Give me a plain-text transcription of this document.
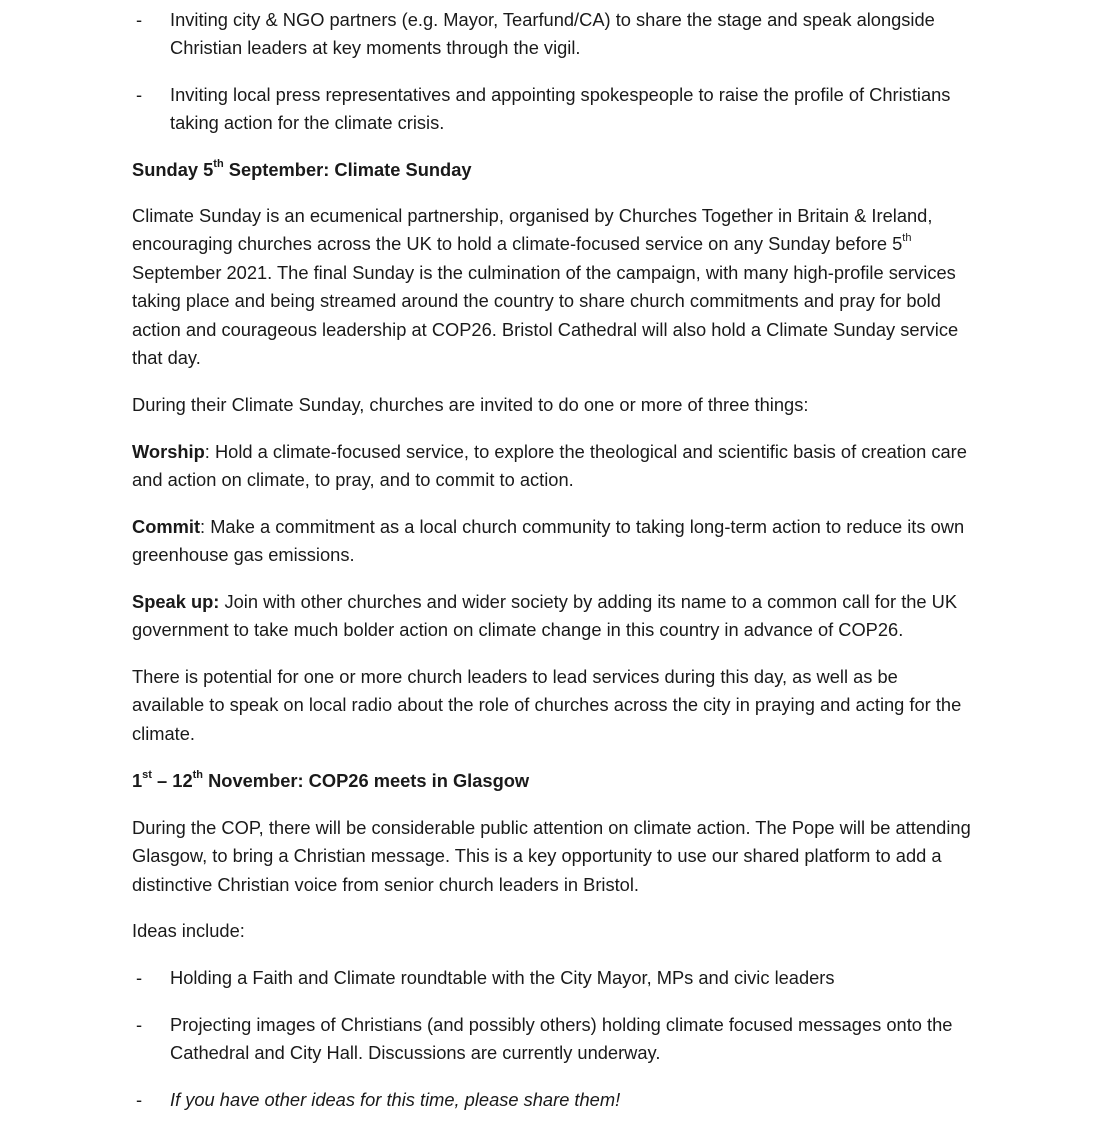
- Inviting city & NGO partners (e.g. Mayor, Tearfund/CA) to share the stage and speak alongside Christian leaders at key moments through the vigil.
- Inviting local press representatives and appointing spokespeople to raise the profile of Christians taking action for the climate crisis.
Sunday 5th September: Climate Sunday
Climate Sunday is an ecumenical partnership, organised by Churches Together in Britain & Ireland, encouraging churches across the UK to hold a climate-focused service on any Sunday before 5th September 2021. The final Sunday is the culmination of the campaign, with many high-profile services taking place and being streamed around the country to share church commitments and pray for bold action and courageous leadership at COP26. Bristol Cathedral will also hold a Climate Sunday service that day.
During their Climate Sunday, churches are invited to do one or more of three things:
Worship: Hold a climate-focused service, to explore the theological and scientific basis of creation care and action on climate, to pray, and to commit to action.
Commit: Make a commitment as a local church community to taking long-term action to reduce its own greenhouse gas emissions.
Speak up: Join with other churches and wider society by adding its name to a common call for the UK government to take much bolder action on climate change in this country in advance of COP26.
There is potential for one or more church leaders to lead services during this day, as well as be available to speak on local radio about the role of churches across the city in praying and acting for the climate.
1st – 12th November: COP26 meets in Glasgow
During the COP, there will be considerable public attention on climate action. The Pope will be attending Glasgow, to bring a Christian message. This is a key opportunity to use our shared platform to add a distinctive Christian voice from senior church leaders in Bristol.
Ideas include:
- Holding a Faith and Climate roundtable with the City Mayor, MPs and civic leaders
- Projecting images of Christians (and possibly others) holding climate focused messages onto the Cathedral and City Hall. Discussions are currently underway.
- If you have other ideas for this time, please share them!
